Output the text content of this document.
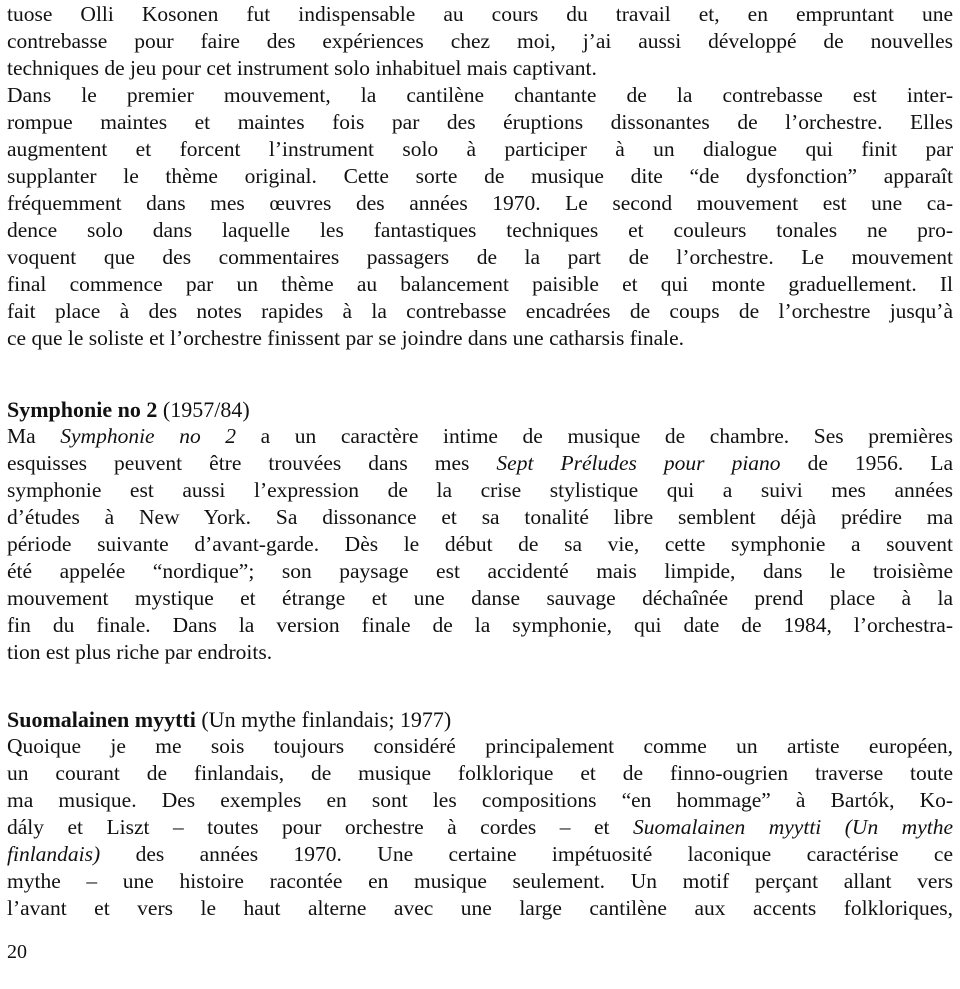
tuose Olli Kosonen fut indispensable au cours du travail et, en empruntant une
contrebasse pour faire des expériences chez moi, j’ai aussi développé de nouvelles
techniques de jeu pour cet instrument solo inhabituel mais captivant.
Dans le premier mouvement, la cantilène chantante de la contrebasse est inter-
rompue maintes et maintes fois par des éruptions dissonantes de l’orchestre. Elles
augmentent et forcent l’instrument solo à participer à un dialogue qui finit par
supplanter le thème original. Cette sorte de musique dite “de dysfonction” apparaît
fréquemment dans mes œuvres des années 1970. Le second mouvement est une ca-
dence solo dans laquelle les fantastiques techniques et couleurs tonales ne pro-
voquent que des commentaires passagers de la part de l’orchestre. Le mouvement
final commence par un thème au balancement paisible et qui monte graduellement. Il
fait place à des notes rapides à la contrebasse encadrées de coups de l’orchestre jusqu’à
ce que le soliste et l’orchestre finissent par se joindre dans une catharsis finale.
Symphonie no 2 (1957/84)
Ma Symphonie no 2 a un caractère intime de musique de chambre. Ses premières
esquisses peuvent être trouvées dans mes Sept Préludes pour piano de 1956. La
symphonie est aussi l’expression de la crise stylistique qui a suivi mes années
d’études à New York. Sa dissonance et sa tonalité libre semblent déjà prédire ma
période suivante d’avant-garde. Dès le début de sa vie, cette symphonie a souvent
été appelée “nordique”; son paysage est accidenté mais limpide, dans le troisième
mouvement mystique et étrange et une danse sauvage déchaînée prend place à la
fin du finale. Dans la version finale de la symphonie, qui date de 1984, l’orchestra-
tion est plus riche par endroits.
Suomalainen myytti (Un mythe finlandais; 1977)
Quoique je me sois toujours considéré principalement comme un artiste européen,
un courant de finlandais, de musique folklorique et de finno-ougrien traverse toute
ma musique. Des exemples en sont les compositions “en hommage” à Bartók, Ko-
dály et Liszt – toutes pour orchestre à cordes – et Suomalainen myytti (Un mythe
finlandais) des années 1970. Une certaine impétuosité laconique caractérise ce
mythe – une histoire racontée en musique seulement. Un motif perçant allant vers
l’avant et vers le haut alterne avec une large cantilène aux accents folkloriques,
20
